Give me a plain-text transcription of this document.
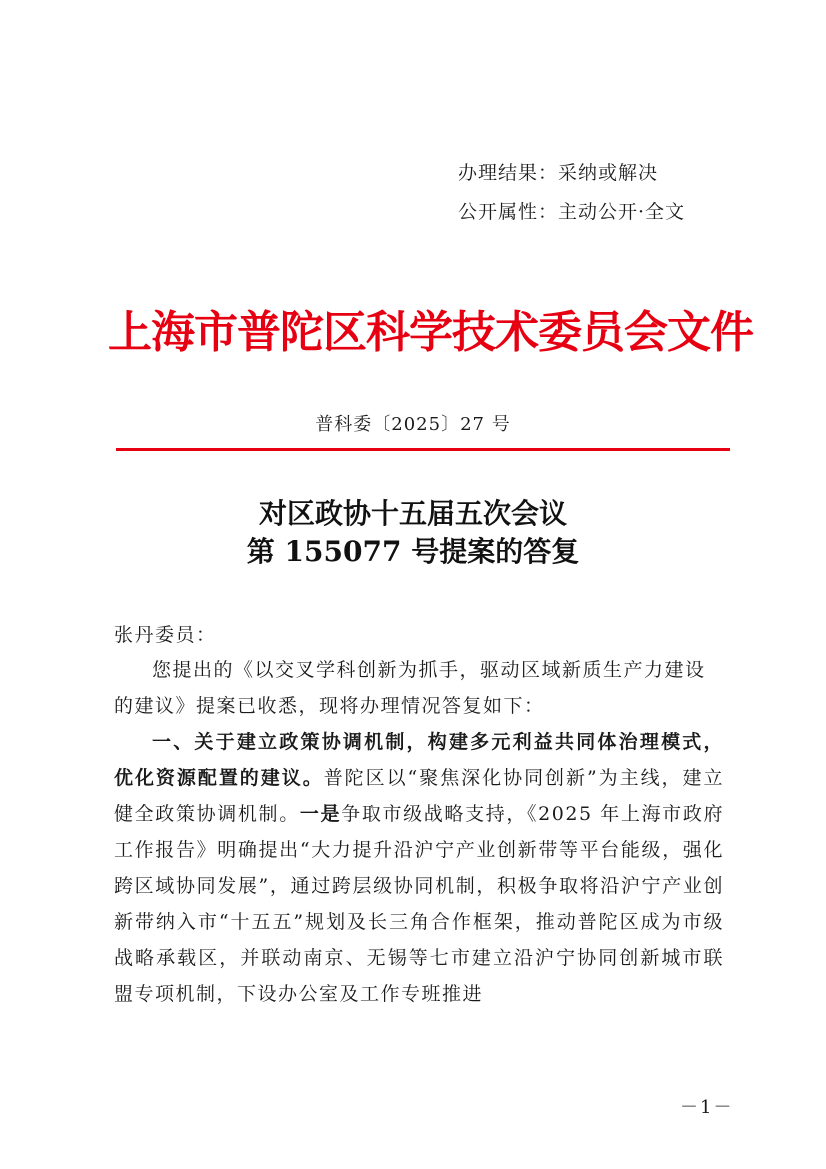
办理结果：采纳或解决
公开属性：主动公开·全文
上海市普陀区科学技术委员会文件
普科委〔2025〕27 号
对区政协十五届五次会议
第 155077 号提案的答复
张丹委员：
您提出的《以交叉学科创新为抓手，驱动区域新质生产力建设的建议》提案已收悉，现将办理情况答复如下：
一、关于建立政策协调机制，构建多元利益共同体治理模式，优化资源配置的建议。普陀区以“聚焦深化协同创新”为主线，建立健全政策协调机制。一是争取市级战略支持，《2025 年上海市政府工作报告》明确提出“大力提升沿沪宁产业创新带等平台能级，强化跨区域协同发展”，通过跨层级协同机制，积极争取将沿沪宁产业创新带纳入市“十五五”规划及长三角合作框架，推动普陀区成为市级战略承载区，并联动南京、无锡等七市建立沿沪宁协同创新城市联盟专项机制，下设办公室及工作专班推进
－1－
